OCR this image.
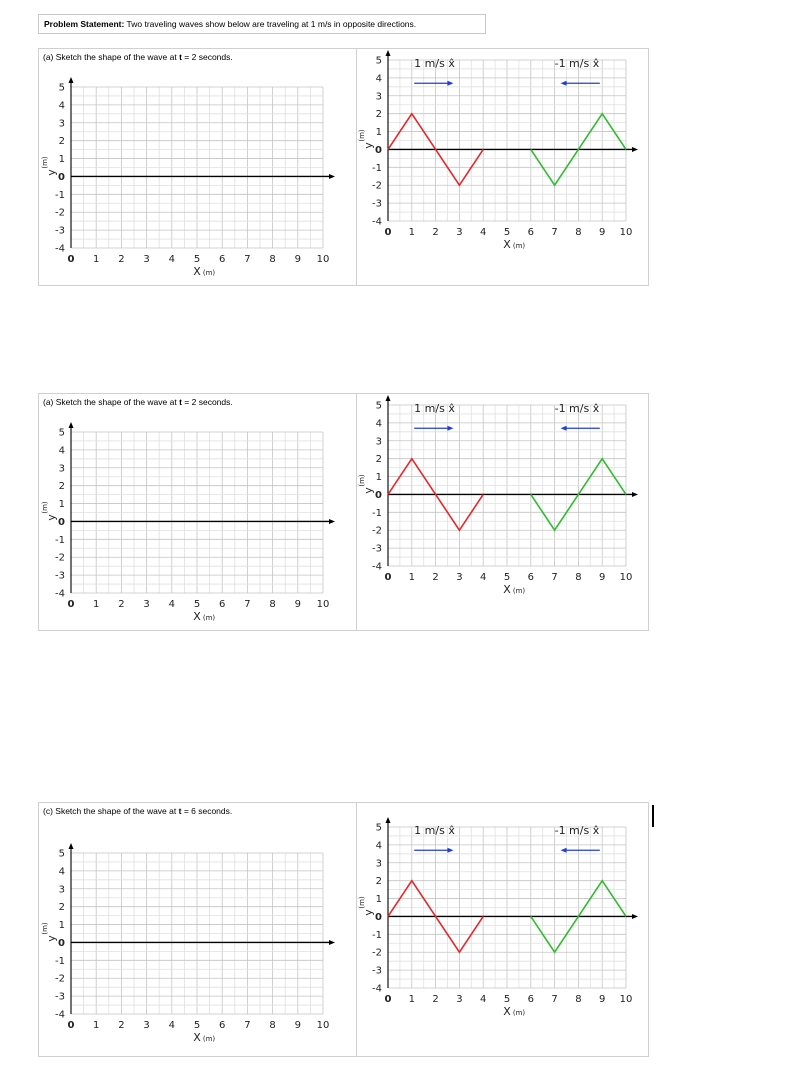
Problem Statement: Two traveling waves show below are traveling at 1 m/s in opposite directions.
(a) Sketch the shape of the wave at t = 2 seconds.
0 1 2 3 4 5 6 7 8 9 10
5
4
3
2
1
0
-1
-2
-3
-4
X (m)
y
(m)
0 1 2 3 4 5 6 7 8 9 10
5
4
3
2
1
0
-1
-2
-3
-4
X (m)
y
(m)
1 m/s x̂	-1 m/s x̂
(a) Sketch the shape of the wave at t = 2 seconds.
0 1 2 3 4 5 6 7 8 9 10
5
4
3
2
1
0
-1
-2
-3
-4
X (m)
y
(m)
0 1 2 3 4 5 6 7 8 9 10
5
4
3
2
1
0
-1
-2
-3
-4
X (m)
y
(m)
1 m/s x̂	-1 m/s x̂
(c) Sketch the shape of the wave at t = 6 seconds.
0 1 2 3 4 5 6 7 8 9 10
5
4
3
2
1
0
-1
-2
-3
-4
X (m)
y
(m)
0 1 2 3 4 5 6 7 8 9 10
5
4
3
2
1
0
-1
-2
-3
-4
X (m)
y
(m)
1 m/s x̂	-1 m/s x̂
